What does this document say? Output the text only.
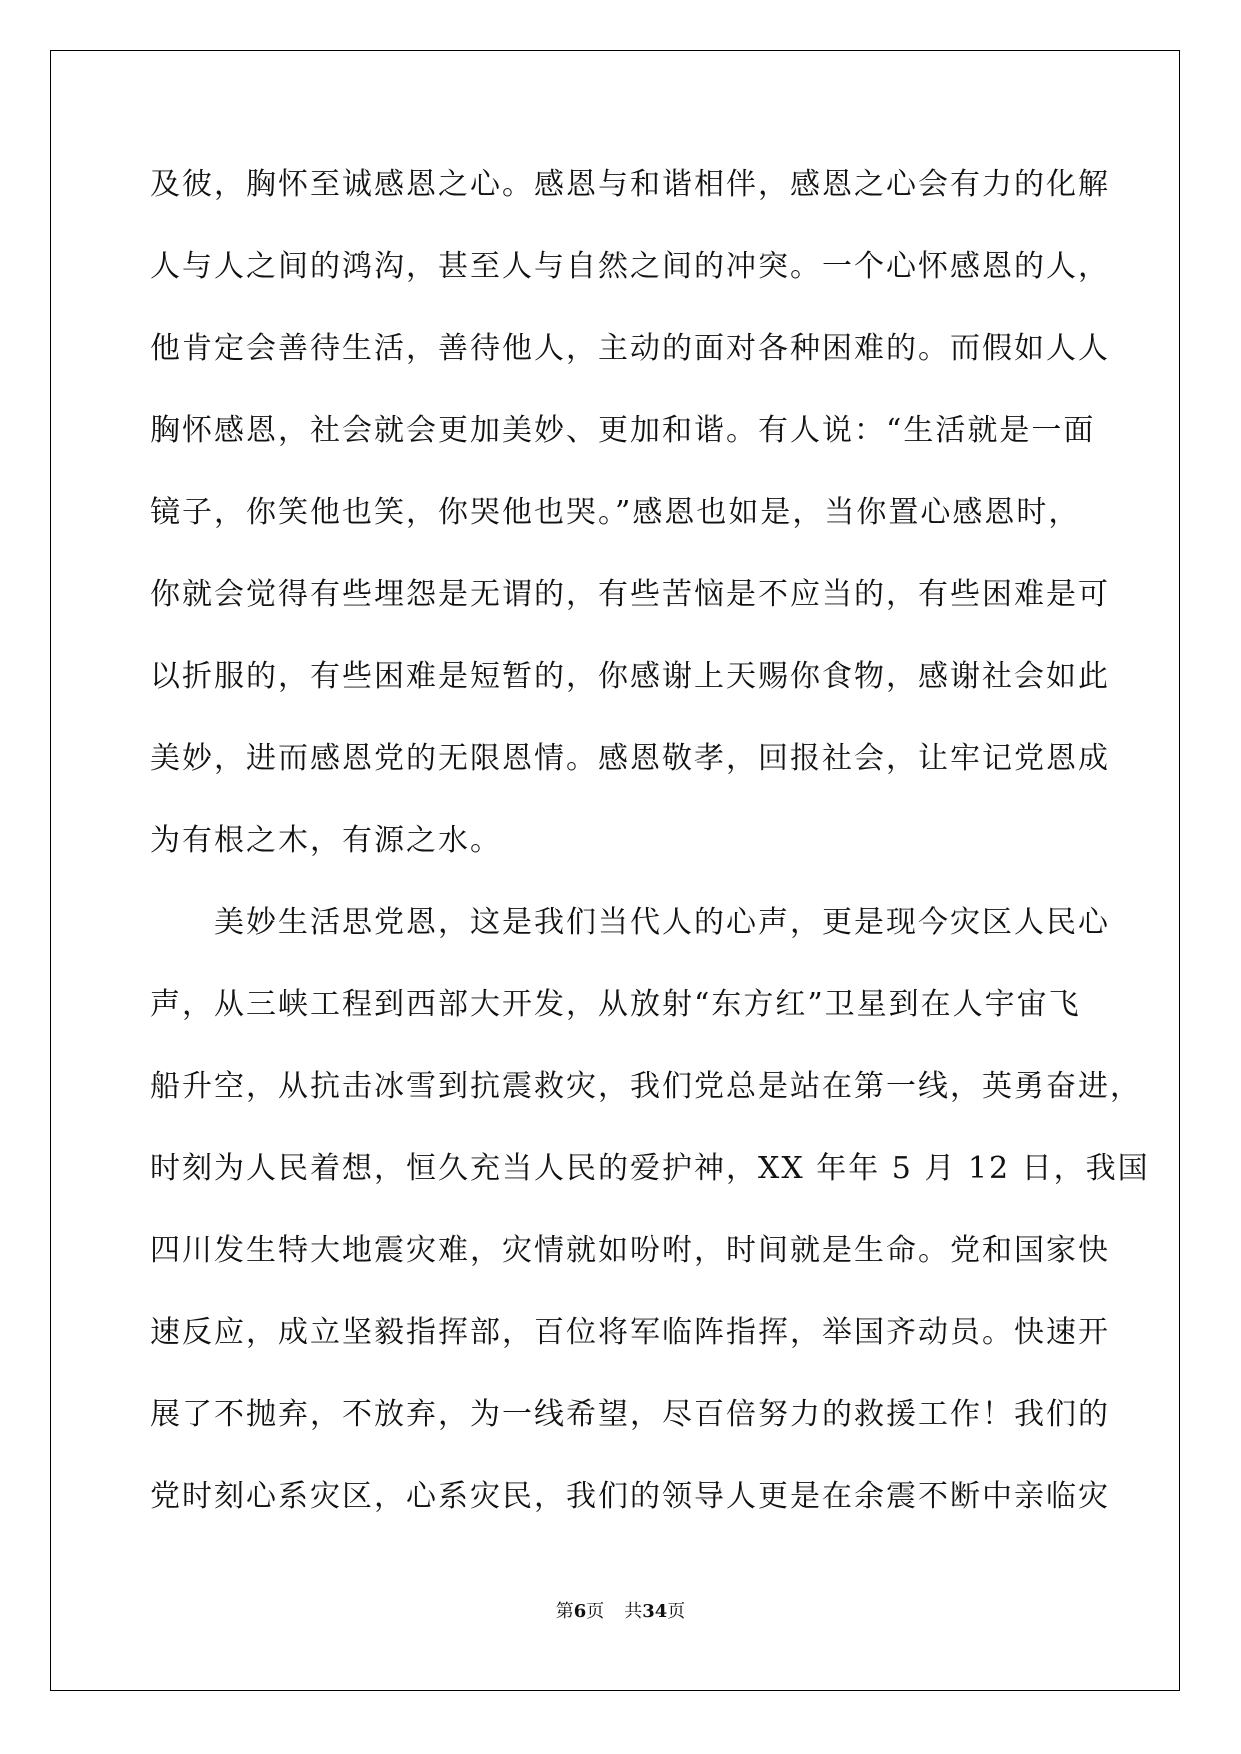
及彼，胸怀至诚感恩之心。感恩与和谐相伴，感恩之心会有力的化解
人与人之间的鸿沟，甚至人与自然之间的冲突。一个心怀感恩的人，
他肯定会善待生活，善待他人，主动的面对各种困难的。而假如人人
胸怀感恩，社会就会更加美妙、更加和谐。有人说：“生活就是一面
镜子，你笑他也笑，你哭他也哭。”感恩也如是，当你置心感恩时，
你就会觉得有些埋怨是无谓的，有些苦恼是不应当的，有些困难是可
以折服的，有些困难是短暂的，你感谢上天赐你食物，感谢社会如此
美妙，进而感恩党的无限恩情。感恩敬孝，回报社会，让牢记党恩成
为有根之木，有源之水。
　　美妙生活思党恩，这是我们当代人的心声，更是现今灾区人民心
声，从三峡工程到西部大开发，从放射“东方红”卫星到在人宇宙飞
船升空，从抗击冰雪到抗震救灾，我们党总是站在第一线，英勇奋进，
时刻为人民着想，恒久充当人民的爱护神，XX 年年 5 月 12 日，我国
四川发生特大地震灾难，灾情就如吩咐，时间就是生命。党和国家快
速反应，成立坚毅指挥部，百位将军临阵指挥，举国齐动员。快速开
展了不抛弃，不放弃，为一线希望，尽百倍努力的救援工作！我们的
党时刻心系灾区，心系灾民，我们的领导人更是在余震不断中亲临灾
第6页 共34页
